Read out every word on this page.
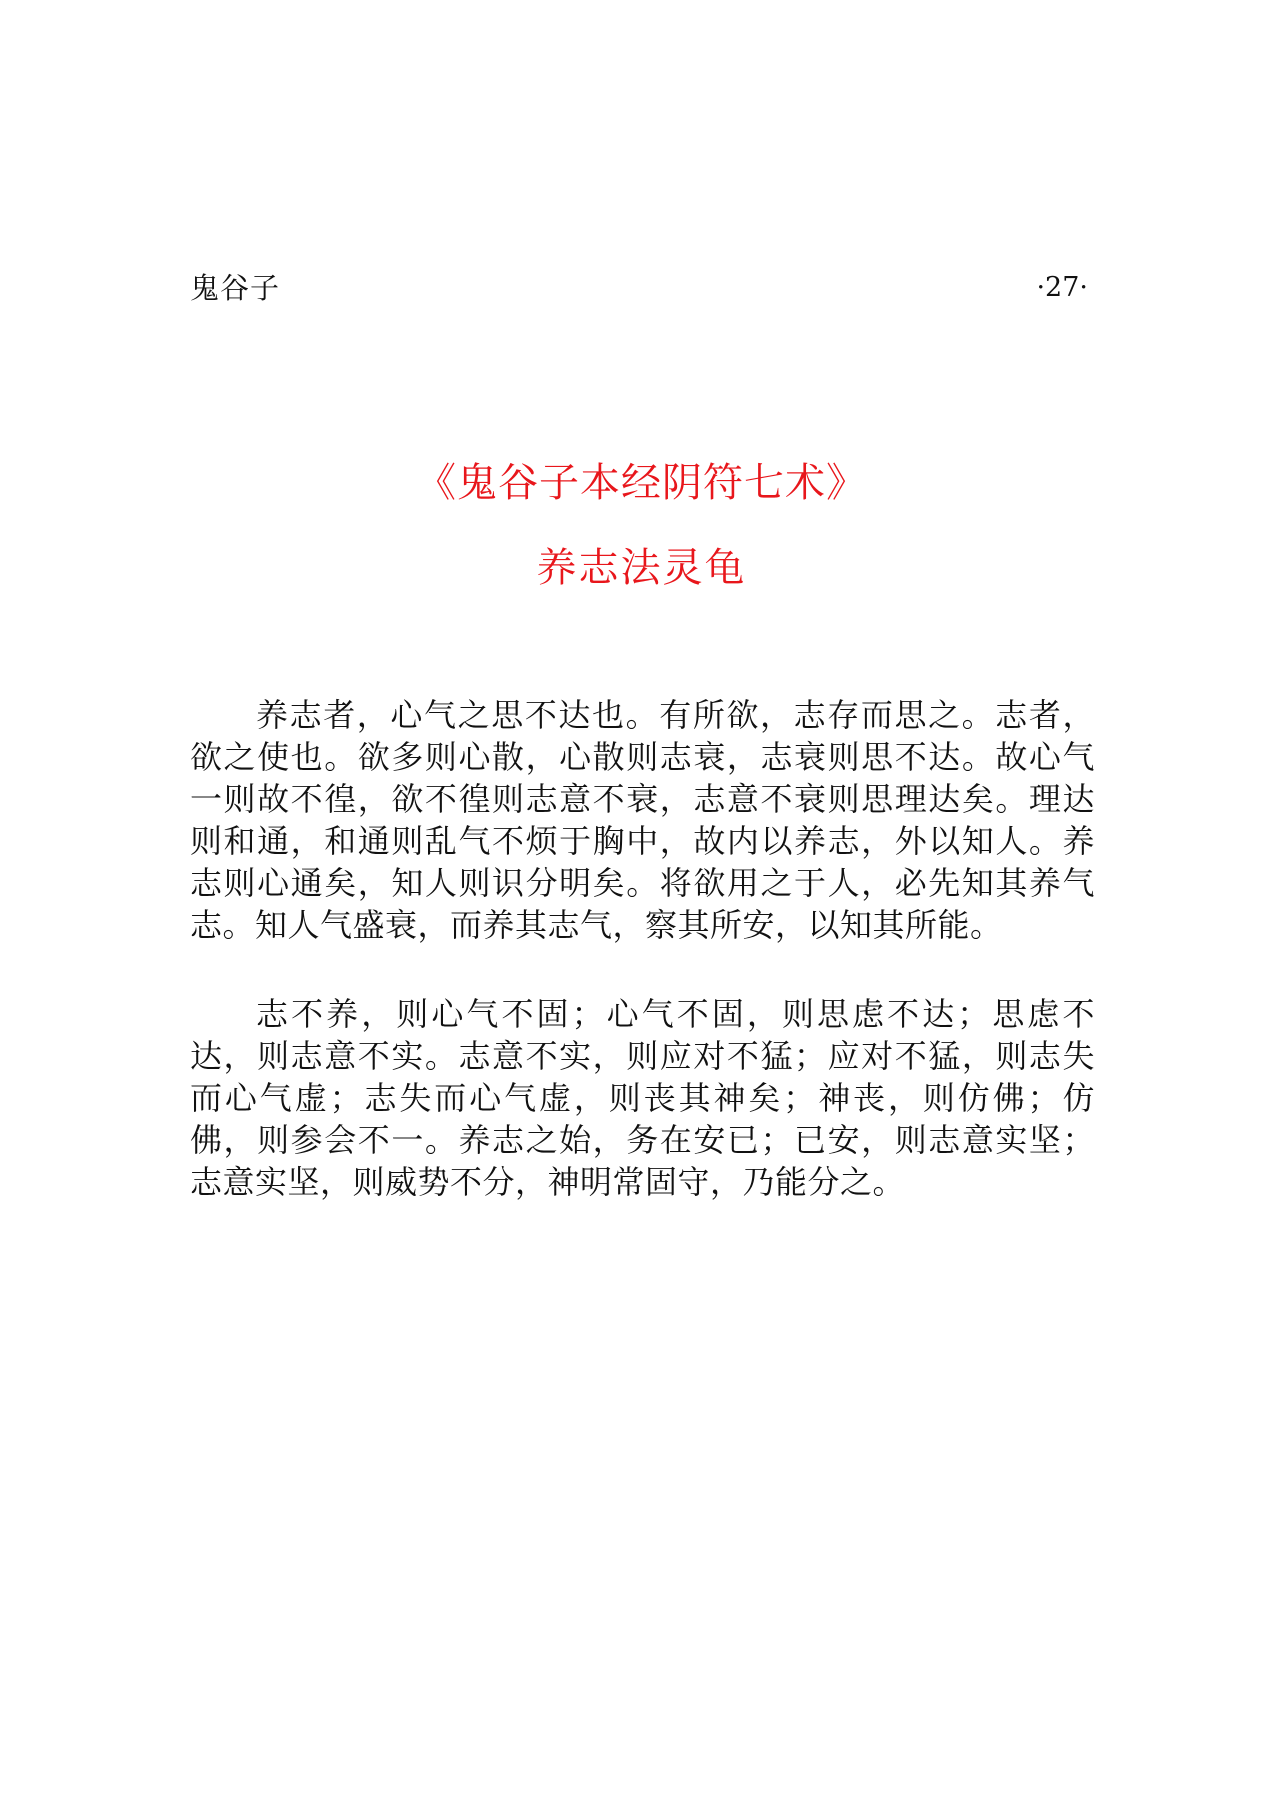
鬼谷子	·27·
《鬼谷子本经阴符七术》
养志法灵龟

养志者，心气之思不达也。有所欲，志存而思之。志者，欲之使也。欲多则心散，心散则志衰，志衰则思不达。故心气一则故不徨，欲不徨则志意不衰，志意不衰则思理达矣。理达则和通，和通则乱气不烦于胸中，故内以养志，外以知人。养志则心通矣，知人则识分明矣。将欲用之于人，必先知其养气志。知人气盛衰，而养其志气，察其所安，以知其所能。

志不养，则心气不固；心气不固，则思虑不达；思虑不达，则志意不实。志意不实，则应对不猛；应对不猛，则志失而心气虚；志失而心气虚，则丧其神矣；神丧，则仿佛；仿佛，则参会不一。养志之始，务在安已；已安，则志意实坚；志意实坚，则威势不分，神明常固守，乃能分之。
